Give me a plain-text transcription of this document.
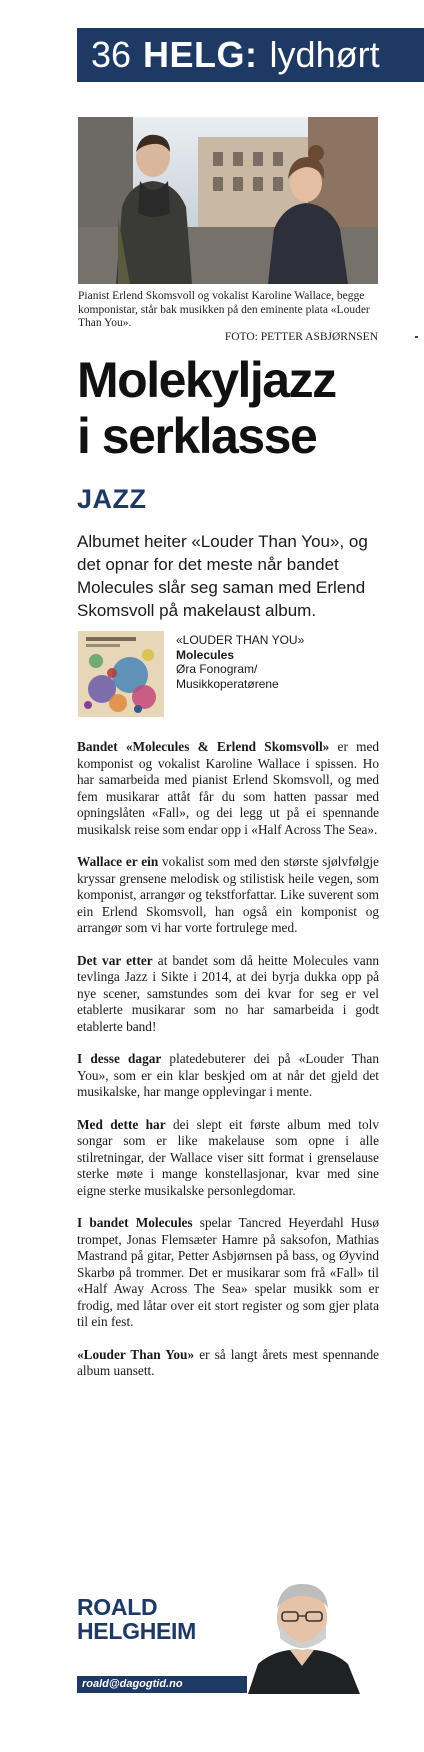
36 HELG: lydhørt
Pianist Erlend Skomsvoll og vokalist Karoline Wallace, begge komponistar, står bak musikken på den eminente plata «Louder Than You».
FOTO: PETTER ASBJØRNSEN
Molekyljazz
i serklasse
JAZZ

Albumet heiter «Louder Than You», og det opnar for det meste når bandet Molecules slår seg saman med Erlend Skomsvoll på makelaust album.

«LOUDER THAN YOU»
Molecules
Øra Fonogram/
Musikkoperatørene

Bandet «Molecules & Erlend Skomsvoll» er med komponist og vokalist Karoline Wallace i spissen. Ho har samarbeida med pianist Erlend Skomsvoll, og med fem musikarar attåt får du som hatten passar med opningslåten «Fall», og dei legg ut på ei spennande musikalsk reise som endar opp i «Half Across The Sea».

Wallace er ein vokalist som med den største sjølvfølgje kryssar grensene melodisk og stilistisk heile vegen, som komponist, arrangør og tekstforfattar. Like suverent som ein Erlend Skomsvoll, han også ein komponist og arrangør som vi har vorte fortrulege med.

Det var etter at bandet som då heitte Molecules vann tevlinga Jazz i Sikte i 2014, at dei byrja dukka opp på nye scener, samstundes som dei kvar for seg er vel etablerte musikarar som no har samarbeida i godt etablerte band!

I desse dagar platedebuterer dei på «Louder Than You», som er ein klar beskjed om at når det gjeld det musikalske, har mange opplevingar i mente.

Med dette har dei slept eit første album med tolv songar som er like makelause som opne i alle stilretningar, der Wallace viser sitt format i grenselause sterke møte i mange konstellasjonar, kvar med sine eigne sterke musikalske personlegdomar.

I bandet Molecules spelar Tancred Heyerdahl Husø trompet, Jonas Flemsæter Hamre på saksofon, Mathias Mastrand på gitar, Petter Asbjørnsen på bass, og Øyvind Skarbø på trommer. Det er musikarar som frå «Fall» til «Half Away Across The Sea» spelar musikk som er frodig, med låtar over eit stort register og som gjer plata til ein fest.

«Louder Than You» er så langt årets mest spennande album uansett.

ROALD
HELGHEIM
roald@dagogtid.no
